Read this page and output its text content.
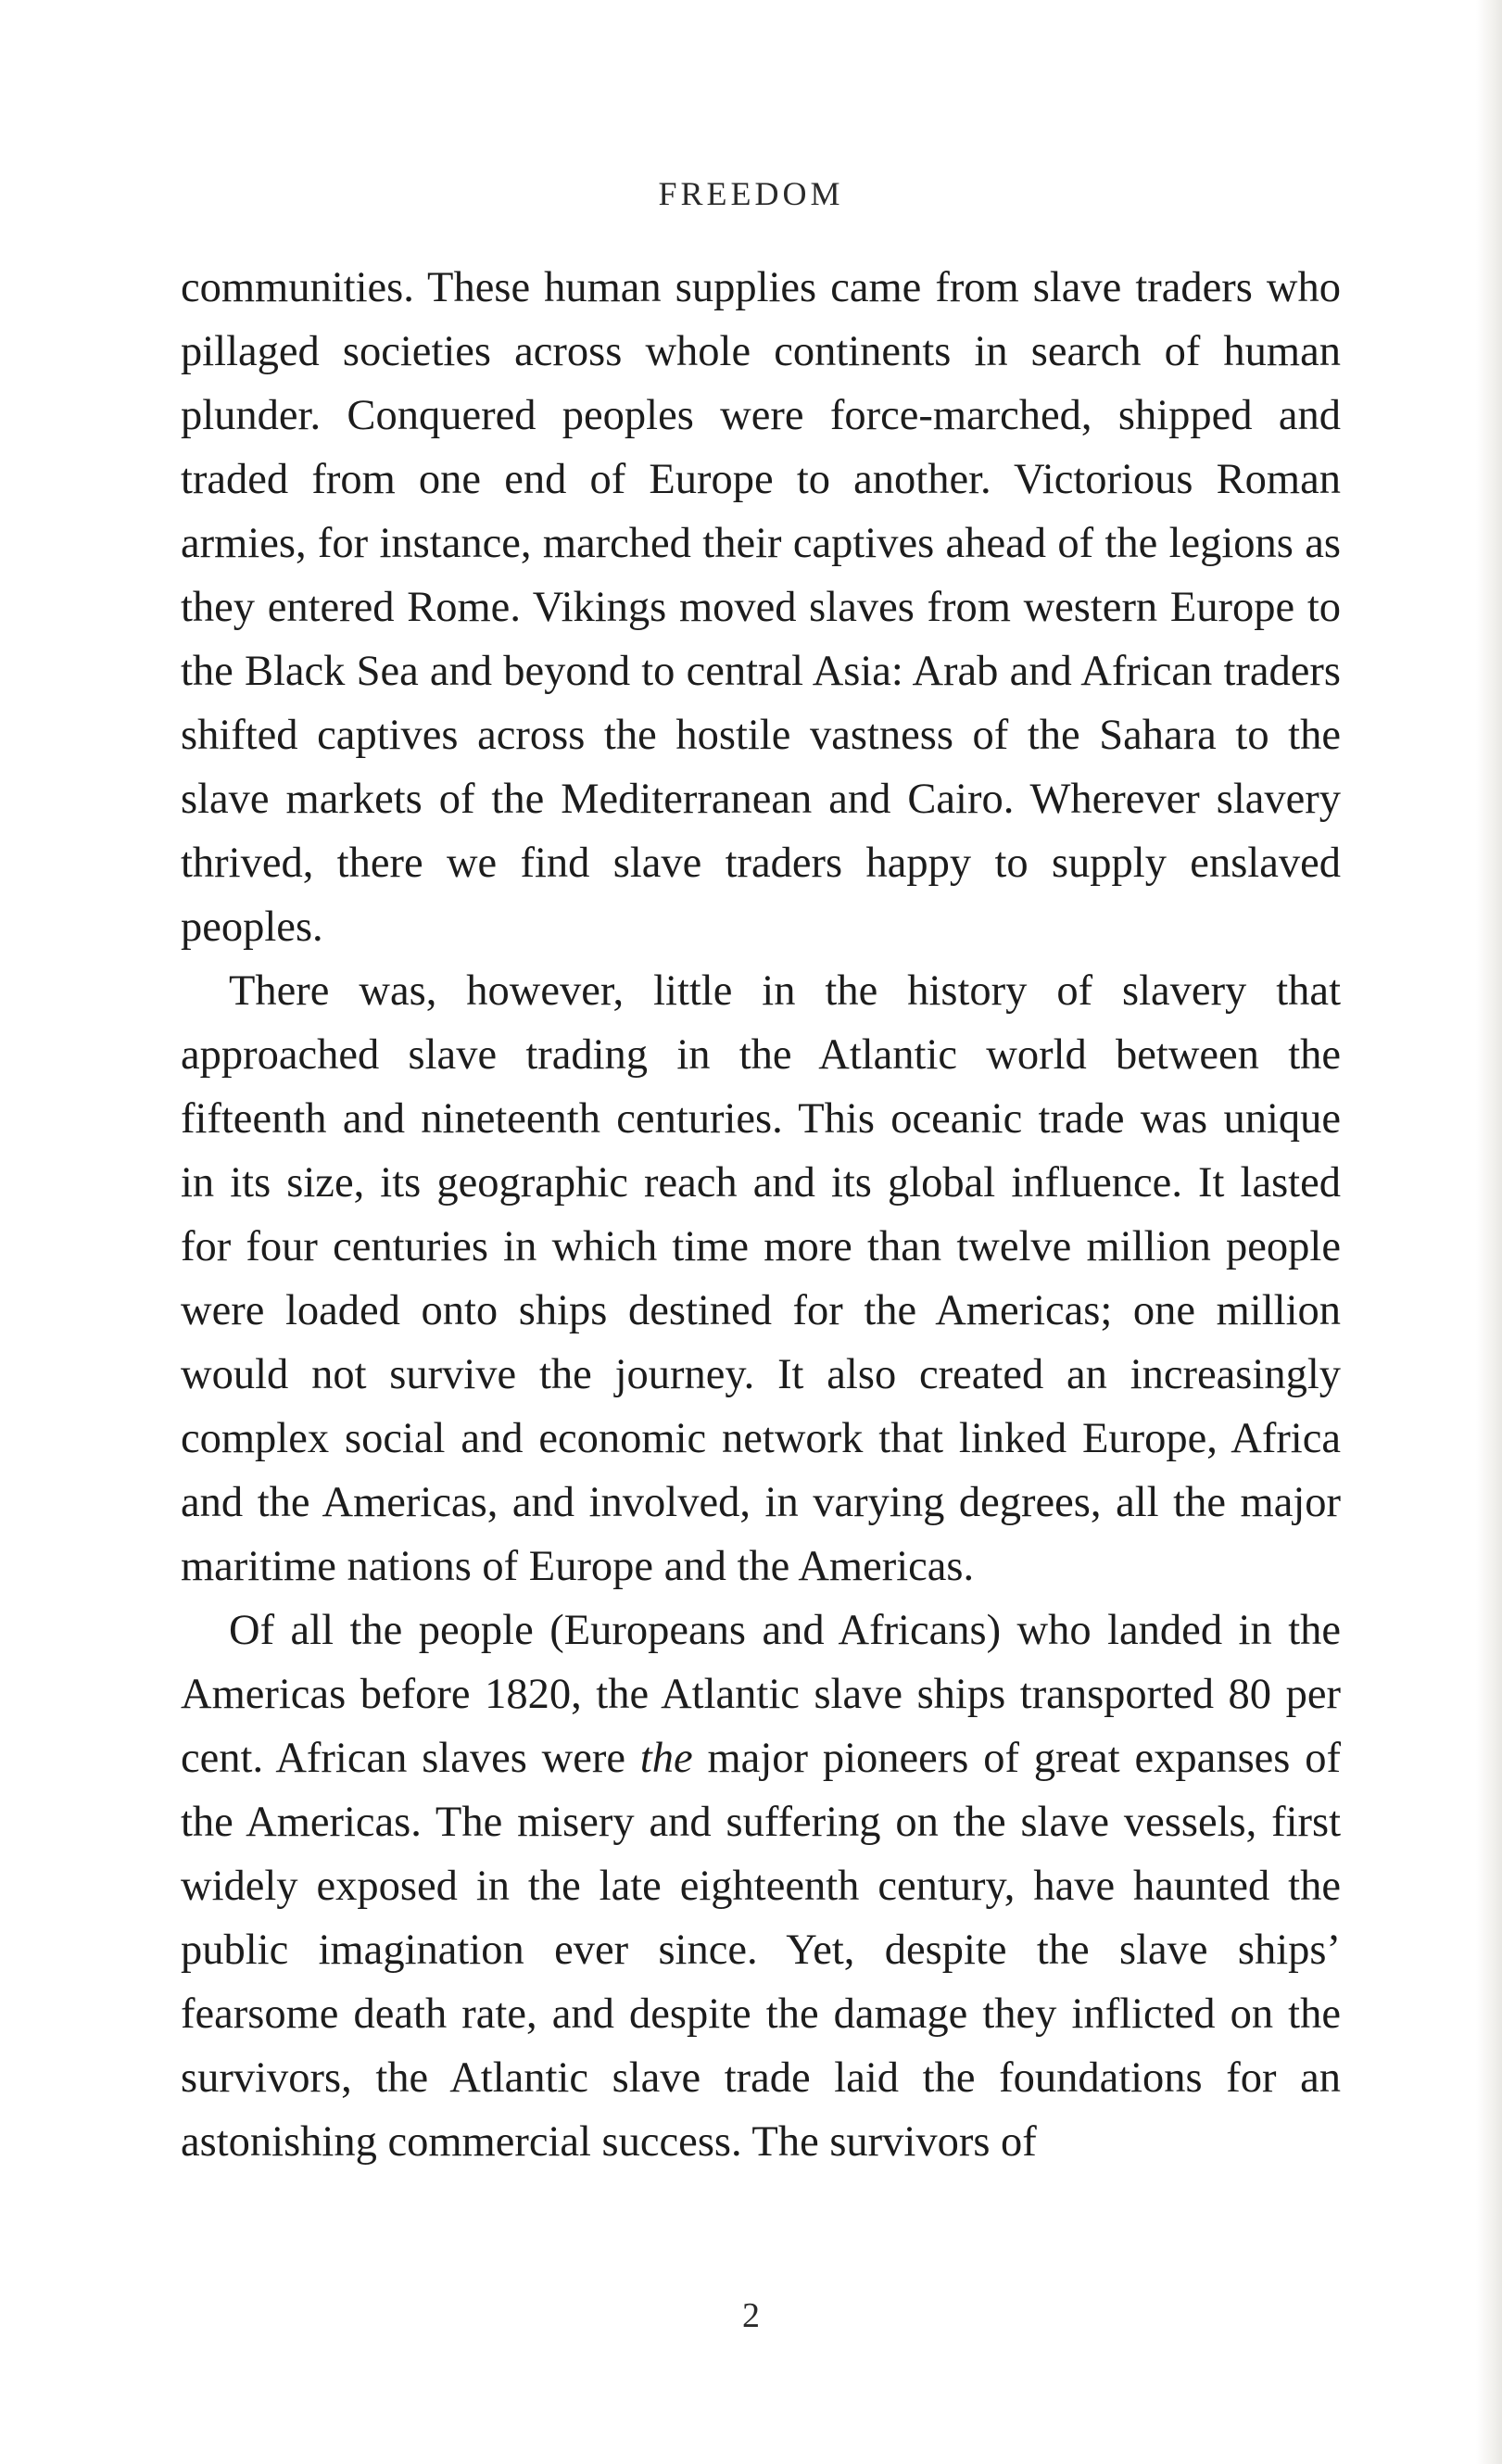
FREEDOM

communities. These human supplies came from slave traders who pillaged societies across whole continents in search of human plunder. Conquered peoples were force-marched, shipped and traded from one end of Europe to another. Victorious Roman armies, for instance, marched their captives ahead of the legions as they entered Rome. Vikings moved slaves from western Europe to the Black Sea and beyond to central Asia: Arab and African traders shifted captives across the hostile vastness of the Sahara to the slave markets of the Mediterranean and Cairo. Wherever slavery thrived, there we find slave traders happy to supply enslaved peoples.

There was, however, little in the history of slavery that approached slave trading in the Atlantic world between the fifteenth and nineteenth centuries. This oceanic trade was unique in its size, its geographic reach and its global influence. It lasted for four centuries in which time more than twelve million people were loaded onto ships destined for the Americas; one million would not survive the journey. It also created an increasingly complex social and economic network that linked Europe, Africa and the Americas, and involved, in varying degrees, all the major maritime nations of Europe and the Americas.

Of all the people (Europeans and Africans) who landed in the Americas before 1820, the Atlantic slave ships transported 80 per cent. African slaves were the major pioneers of great expanses of the Americas. The misery and suffering on the slave vessels, first widely exposed in the late eighteenth century, have haunted the public imagination ever since. Yet, despite the slave ships’ fearsome death rate, and despite the damage they inflicted on the survivors, the Atlantic slave trade laid the foundations for an astonishing commercial success. The survivors of

2
